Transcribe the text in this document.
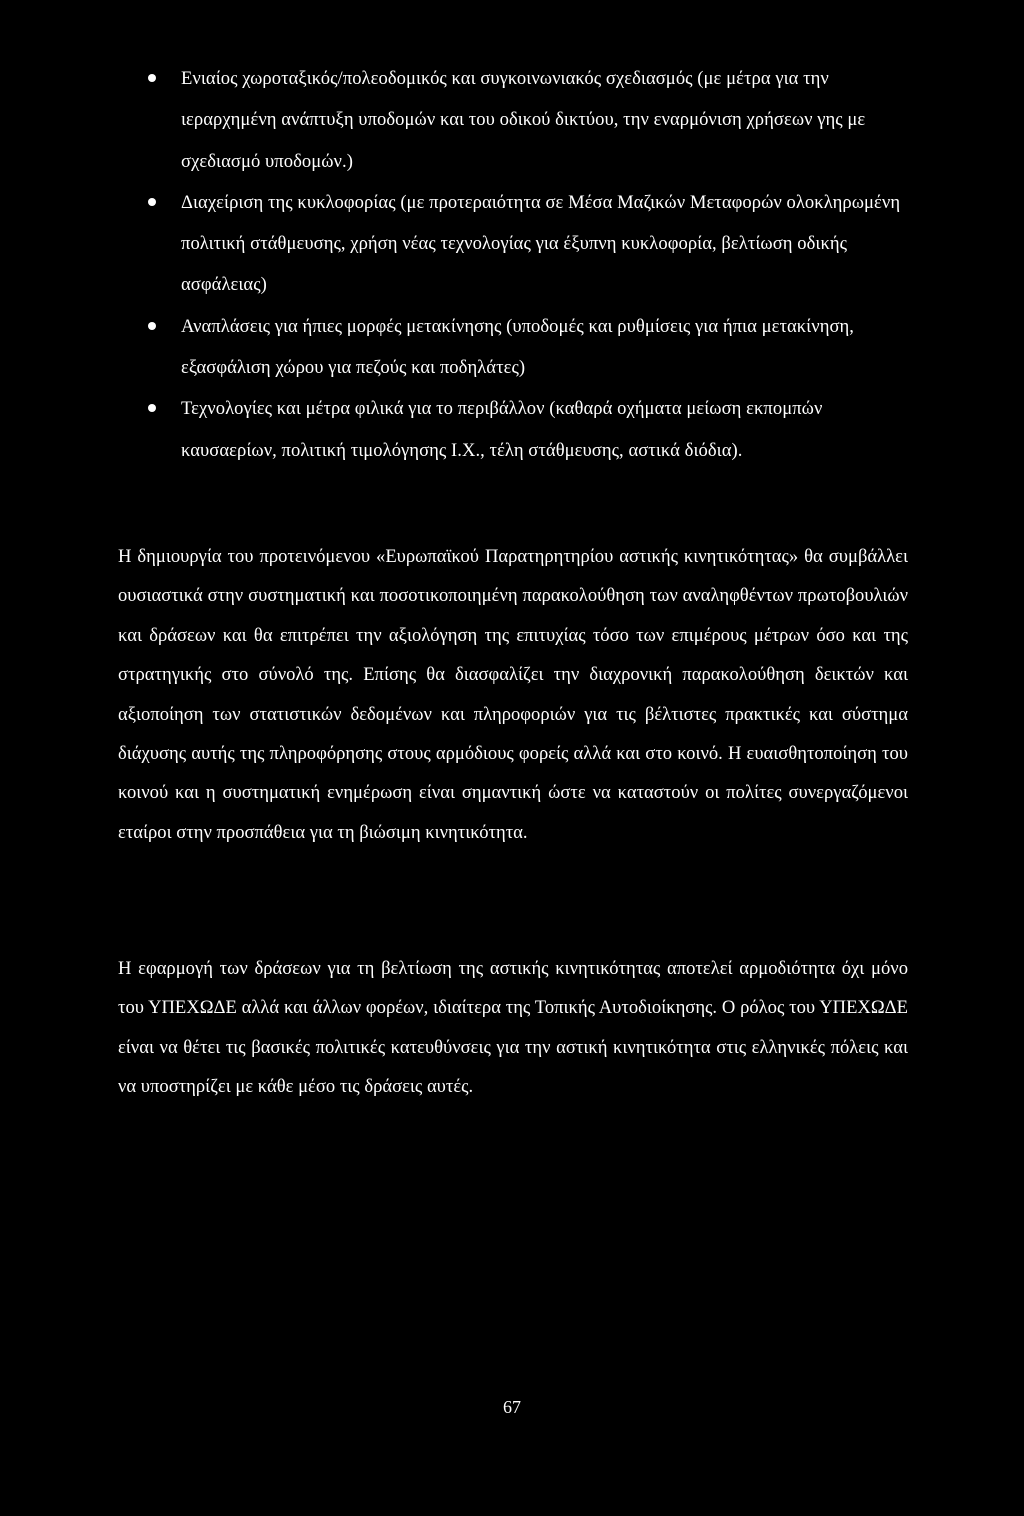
Ενιαίος χωροταξικός/πολεοδομικός και συγκοινωνιακός σχεδιασμός (με μέτρα για την ιεραρχημένη ανάπτυξη υποδομών και του οδικού δικτύου, την εναρμόνιση χρήσεων γης με σχεδιασμό υποδομών.)
Διαχείριση της κυκλοφορίας (με προτεραιότητα σε Μέσα Μαζικών Μεταφορών ολοκληρωμένη πολιτική στάθμευσης, χρήση νέας τεχνολογίας για έξυπνη κυκλοφορία, βελτίωση οδικής ασφάλειας)
Αναπλάσεις για ήπιες μορφές μετακίνησης (υποδομές και ρυθμίσεις για ήπια μετακίνηση, εξασφάλιση χώρου για πεζούς και ποδηλάτες)
Τεχνολογίες και μέτρα φιλικά για το περιβάλλον (καθαρά οχήματα μείωση εκπομπών καυσαερίων, πολιτική τιμολόγησης Ι.Χ., τέλη στάθμευσης, αστικά διόδια).

Η δημιουργία του προτεινόμενου «Ευρωπαϊκού Παρατηρητηρίου αστικής κινητικότητας» θα συμβάλλει ουσιαστικά στην συστηματική και ποσοτικοποιημένη παρακολούθηση των αναληφθέντων πρωτοβουλιών και δράσεων και θα επιτρέπει την αξιολόγηση της επιτυχίας τόσο των επιμέρους μέτρων όσο και της στρατηγικής στο σύνολό της. Επίσης θα διασφαλίζει την διαχρονική παρακολούθηση δεικτών και αξιοποίηση των στατιστικών δεδομένων και πληροφοριών για τις βέλτιστες πρακτικές και σύστημα διάχυσης αυτής της πληροφόρησης στους αρμόδιους φορείς αλλά και στο κοινό. Η ευαισθητοποίηση του κοινού και η συστηματική ενημέρωση είναι σημαντική ώστε να καταστούν οι πολίτες συνεργαζόμενοι εταίροι στην προσπάθεια για τη βιώσιμη κινητικότητα.

Η εφαρμογή των δράσεων για τη βελτίωση της αστικής κινητικότητας αποτελεί αρμοδιότητα όχι μόνο του ΥΠΕΧΩΔΕ αλλά και άλλων φορέων, ιδιαίτερα της Τοπικής Αυτοδιοίκησης. Ο ρόλος του ΥΠΕΧΩΔΕ είναι να θέτει τις βασικές πολιτικές κατευθύνσεις για την αστική κινητικότητα στις ελληνικές πόλεις και να υποστηρίζει με κάθε μέσο τις δράσεις αυτές.

67
